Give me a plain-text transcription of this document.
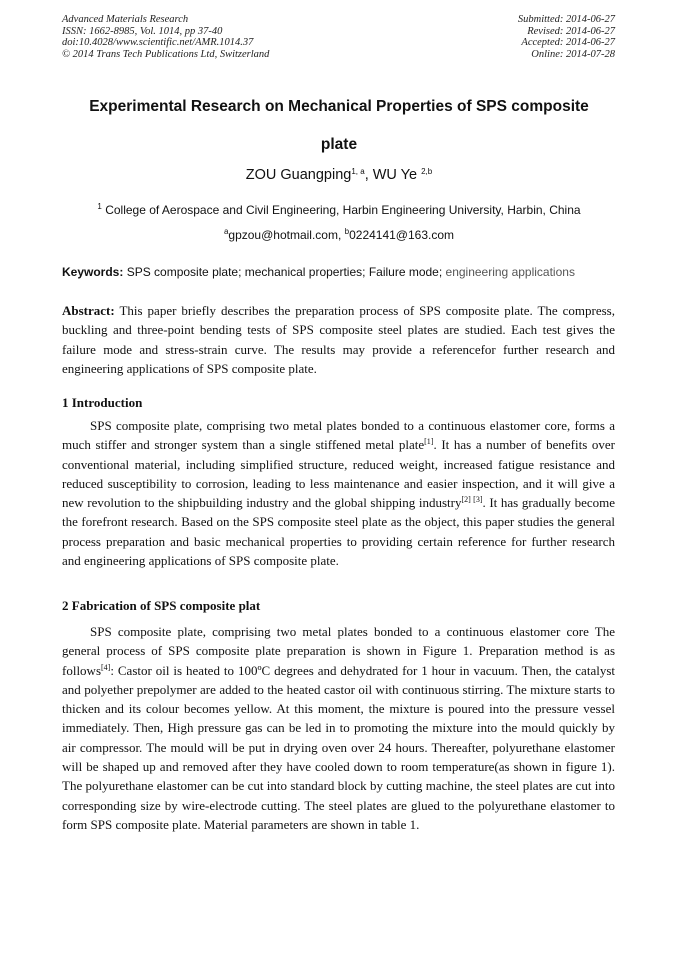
Advanced Materials Research
ISSN: 1662-8985, Vol. 1014, pp 37-40
doi:10.4028/www.scientific.net/AMR.1014.37
© 2014 Trans Tech Publications Ltd, Switzerland
Submitted: 2014-06-27
Revised: 2014-06-27
Accepted: 2014-06-27
Online: 2014-07-28
Experimental Research on Mechanical Properties of SPS composite
plate
ZOU Guangping$^{1, a}$, WU Ye $^{2,b}$
$^1$ College of Aerospace and Civil Engineering, Harbin Engineering University, Harbin, China
$^a$gpzou@hotmail.com, $^b$0224141@163.com
Keywords: SPS composite plate; mechanical properties; Failure mode; engineering applications
Abstract: This paper briefly describes the preparation process of SPS composite plate. The compress, buckling and three-point bending tests of SPS composite steel plates are studied. Each test gives the failure mode and stress-strain curve. The results may provide a referencefor further research and engineering applications of SPS composite plate.
1 Introduction
SPS composite plate, comprising two metal plates bonded to a continuous elastomer core, forms a much stiffer and stronger system than a single stiffened metal plate[1]. It has a number of benefits over conventional material, including simplified structure, reduced weight, increased fatigue resistance and reduced susceptibility to corrosion, leading to less maintenance and easier inspection, and it will give a new revolution to the shipbuilding industry and the global shipping industry[2] [3]. It has gradually become the forefront research. Based on the SPS composite steel plate as the object, this paper studies the general process preparation and basic mechanical properties to providing certain reference for further research and engineering applications of SPS composite plate.
2 Fabrication of SPS composite plat
SPS composite plate, comprising two metal plates bonded to a continuous elastomer core The general process of SPS composite plate preparation is shown in Figure 1. Preparation method is as follows[4]: Castor oil is heated to 100ºC degrees and dehydrated for 1 hour in vacuum. Then, the catalyst and polyether prepolymer are added to the heated castor oil with continuous stirring. The mixture starts to thicken and its colour becomes yellow. At this moment, the mixture is poured into the pressure vessel immediately. Then, High pressure gas can be led in to promoting the mixture into the mould quickly by air compressor. The mould will be put in drying oven over 24 hours. Thereafter, polyurethane elastomer will be shaped up and removed after they have cooled down to room temperature(as shown in figure 1). The polyurethane elastomer can be cut into standard block by cutting machine, the steel plates are cut into corresponding size by wire-electrode cutting. The steel plates are glued to the polyurethane elastomer to form SPS composite plate. Material parameters are shown in table 1.
